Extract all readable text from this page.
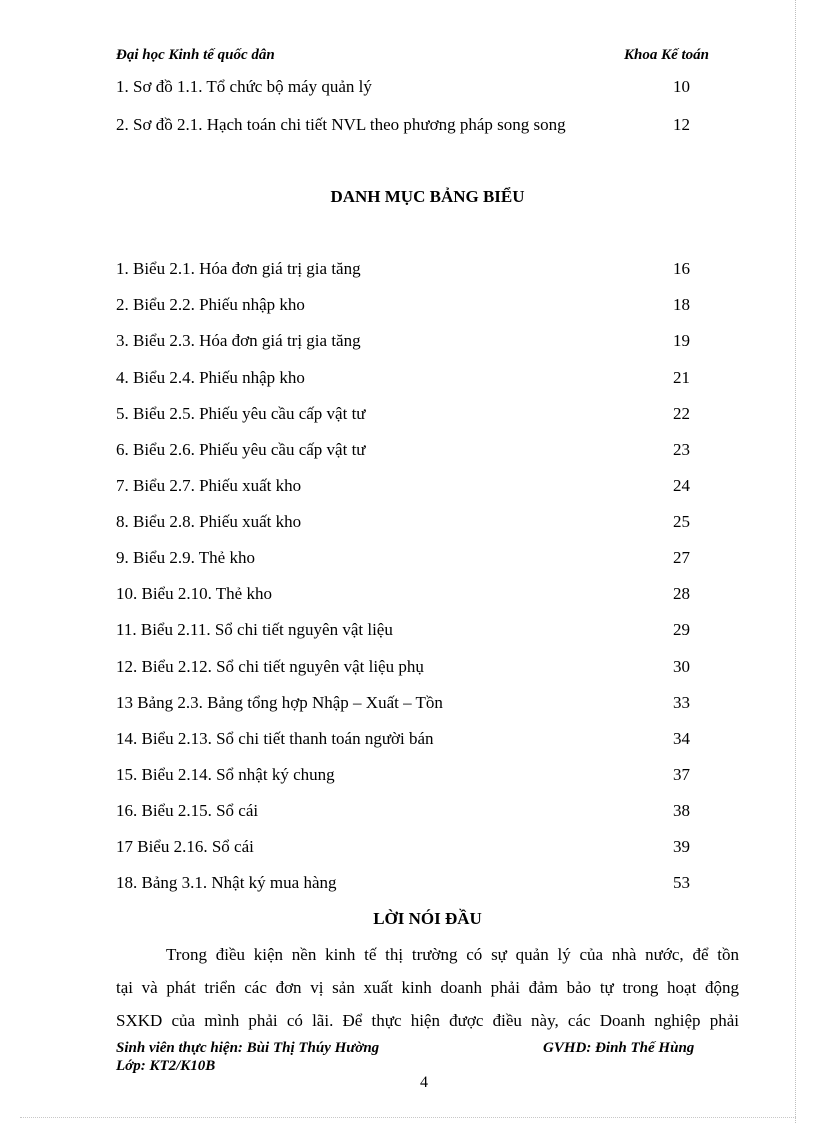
Đại học Kinh tế quốc dân	Khoa Kế toán
1. Sơ đồ 1.1. Tổ chức bộ máy quản lý	10
2. Sơ đồ 2.1. Hạch toán chi tiết NVL theo phương pháp song song	12
DANH MỤC BẢNG BIỂU
1. Biểu 2.1. Hóa đơn giá trị gia tăng	16
2. Biểu 2.2. Phiếu nhập kho	18
3. Biểu 2.3. Hóa đơn giá trị gia tăng	19
4. Biểu 2.4. Phiếu nhập kho	21
5. Biểu 2.5. Phiếu yêu cầu cấp vật tư	22
6. Biểu 2.6. Phiếu yêu cầu cấp vật tư	23
7. Biểu 2.7. Phiếu xuất kho	24
8. Biểu 2.8. Phiếu xuất kho	25
9. Biểu 2.9. Thẻ kho	27
10. Biểu 2.10. Thẻ kho	28
11. Biểu 2.11. Sổ chi tiết nguyên vật liệu	29
12. Biểu 2.12. Sổ chi tiết nguyên vật liệu phụ	30
13 Bảng 2.3. Bảng tổng hợp Nhập – Xuất – Tồn	33
14. Biểu 2.13. Sổ chi tiết thanh toán người bán	34
15. Biểu 2.14. Sổ nhật ký chung	37
16. Biểu 2.15. Sổ cái	38
17 Biểu 2.16. Sổ cái	39
18. Bảng 3.1. Nhật ký mua hàng	53
LỜI NÓI ĐẦU
Trong điều kiện nền kinh tế thị trường có sự quản lý của nhà nước, để tồn
tại và phát triển các đơn vị sản xuất kinh doanh phải đảm bảo tự trong hoạt động
SXKD của mình phải có lãi. Để thực hiện được điều này, các Doanh nghiệp phải
Sinh viên thực hiện: Bùi Thị Thúy Hường	GVHD: Đinh Thế Hùng
Lớp: KT2/K10B
4
